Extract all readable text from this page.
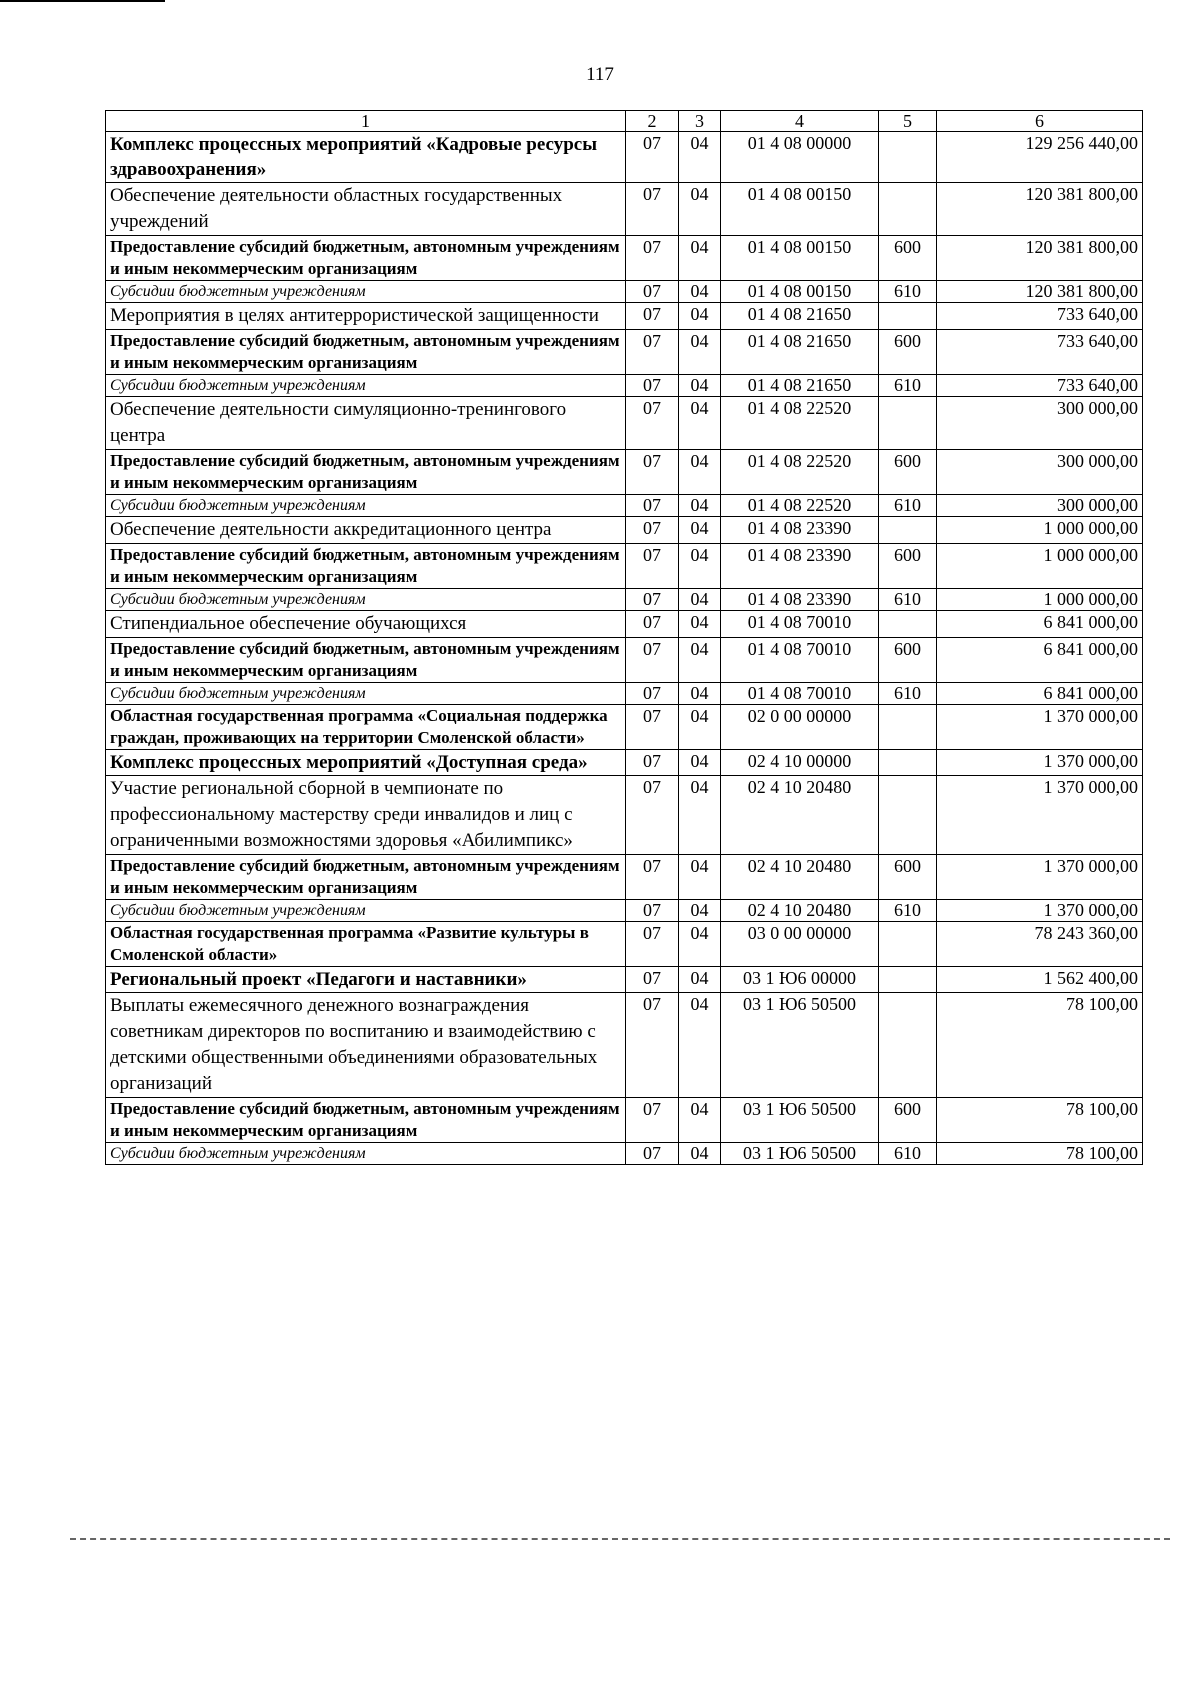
117
1	2	3	4	5	6
Комплекс процессных мероприятий «Кадровые ресурсы здравоохранения»	07	04	01 4 08 00000		129 256 440,00
Обеспечение деятельности областных государственных учреждений	07	04	01 4 08 00150		120 381 800,00
Предоставление субсидий бюджетным, автономным учреждениям и иным некоммерческим организациям	07	04	01 4 08 00150	600	120 381 800,00
Субсидии бюджетным учреждениям	07	04	01 4 08 00150	610	120 381 800,00
Мероприятия в целях антитеррористической защищенности	07	04	01 4 08 21650		733 640,00
Предоставление субсидий бюджетным, автономным учреждениям и иным некоммерческим организациям	07	04	01 4 08 21650	600	733 640,00
Субсидии бюджетным учреждениям	07	04	01 4 08 21650	610	733 640,00
Обеспечение деятельности симуляционно-тренингового центра	07	04	01 4 08 22520		300 000,00
Предоставление субсидий бюджетным, автономным учреждениям и иным некоммерческим организациям	07	04	01 4 08 22520	600	300 000,00
Субсидии бюджетным учреждениям	07	04	01 4 08 22520	610	300 000,00
Обеспечение деятельности аккредитационного центра	07	04	01 4 08 23390		1 000 000,00
Предоставление субсидий бюджетным, автономным учреждениям и иным некоммерческим организациям	07	04	01 4 08 23390	600	1 000 000,00
Субсидии бюджетным учреждениям	07	04	01 4 08 23390	610	1 000 000,00
Стипендиальное обеспечение обучающихся	07	04	01 4 08 70010		6 841 000,00
Предоставление субсидий бюджетным, автономным учреждениям и иным некоммерческим организациям	07	04	01 4 08 70010	600	6 841 000,00
Субсидии бюджетным учреждениям	07	04	01 4 08 70010	610	6 841 000,00
Областная государственная программа «Социальная поддержка граждан, проживающих на территории Смоленской области»	07	04	02 0 00 00000		1 370 000,00
Комплекс процессных мероприятий «Доступная среда»	07	04	02 4 10 00000		1 370 000,00
Участие региональной сборной в чемпионате по профессиональному мастерству среди инвалидов и лиц с ограниченными возможностями здоровья «Абилимпикс»	07	04	02 4 10 20480		1 370 000,00
Предоставление субсидий бюджетным, автономным учреждениям и иным некоммерческим организациям	07	04	02 4 10 20480	600	1 370 000,00
Субсидии бюджетным учреждениям	07	04	02 4 10 20480	610	1 370 000,00
Областная государственная программа «Развитие культуры в Смоленской области»	07	04	03 0 00 00000		78 243 360,00
Региональный проект «Педагоги и наставники»	07	04	03 1 Ю6 00000		1 562 400,00
Выплаты ежемесячного денежного вознаграждения советникам директоров по воспитанию и взаимодействию с детскими общественными объединениями образовательных организаций	07	04	03 1 Ю6 50500		78 100,00
Предоставление субсидий бюджетным, автономным учреждениям и иным некоммерческим организациям	07	04	03 1 Ю6 50500	600	78 100,00
Субсидии бюджетным учреждениям	07	04	03 1 Ю6 50500	610	78 100,00
